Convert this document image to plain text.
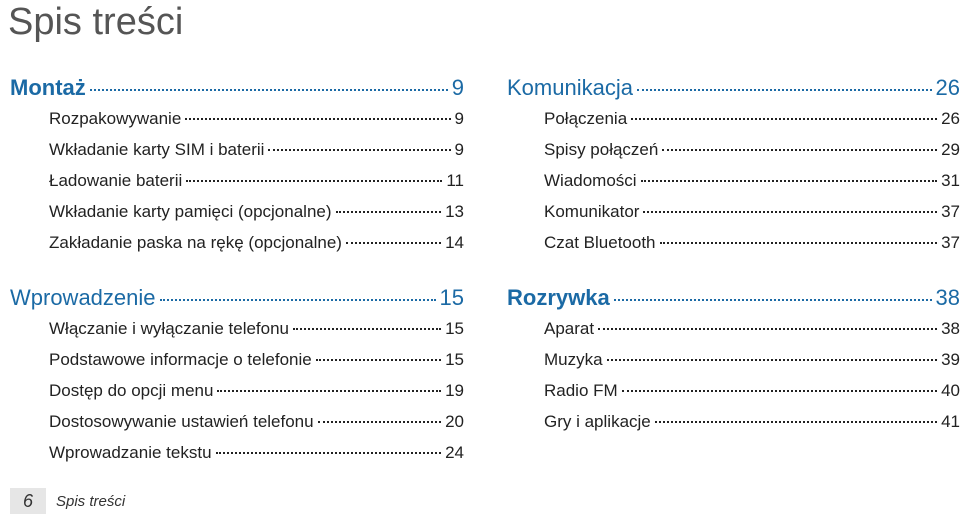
Spis treści
Montaż	9
Rozpakowywanie	9
Wkładanie karty SIM i baterii	9
Ładowanie baterii	11
Wkładanie karty pamięci (opcjonalne)	13
Zakładanie paska na rękę (opcjonalne)	14
Wprowadzenie	15
Włączanie i wyłączanie telefonu	15
Podstawowe informacje o telefonie	15
Dostęp do opcji menu	19
Dostosowywanie ustawień telefonu	20
Wprowadzanie tekstu	24
Komunikacja	26
Połączenia	26
Spisy połączeń	29
Wiadomości	31
Komunikator	37
Czat Bluetooth	37
Rozrywka	38
Aparat	38
Muzyka	39
Radio FM	40
Gry i aplikacje	41
6	Spis treści
